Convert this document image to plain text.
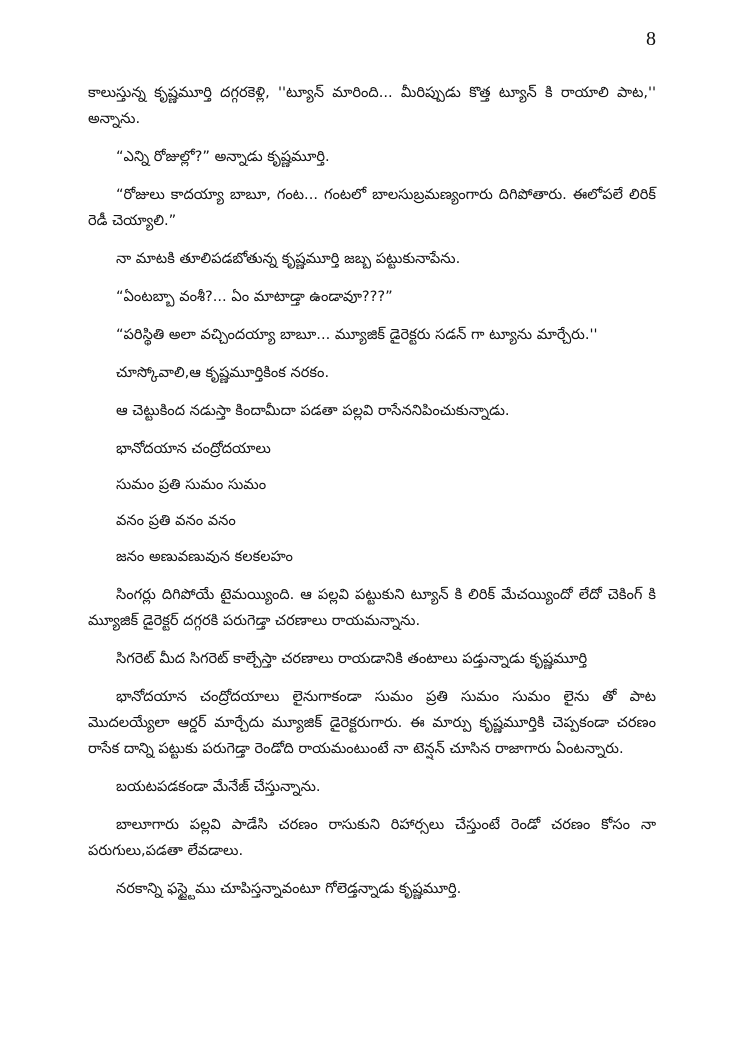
8

కాలుస్తున్న కృష్ణమూర్తి దగ్గరకెళ్లి, ''ట్యూన్ మారింది... మీరిప్పుడు కొత్త ట్యూన్ కి రాయాలి పాట,'' అన్నాను.

“ఎన్ని రోజుల్లో?” అన్నాడు కృష్ణమూర్తి.

“రోజులు కాదయ్యా బాబూ, గంట... గంటలో బాలసుబ్రమణ్యంగారు దిగిపోతారు. ఈలోపలే లిరిక్ రెడీ చెయ్యాలి.”

నా మాటకి తూలిపడబోతున్న కృష్ణమూర్తి జబ్బ పట్టుకునాపేను.

“ఏంటబ్బా వంశీ?... ఏం మాటాడ్తా ఉండావూ???”

“పరిస్థితి అలా వచ్చిందయ్యా బాబూ... మ్యూజిక్ డైరెక్టరు సడన్ గా ట్యూను మార్చేరు.''

చూస్కోవాలి,ఆ కృష్ణమూర్తికింక నరకం.

ఆ చెట్టుకింద నడుస్తా కిందామీదా పడతా పల్లవి రాసేననిపించుకున్నాడు.

భానోదయాన చంద్రోదయాలు

సుమం ప్రతి సుమం సుమం

వనం ప్రతి వనం వనం

జనం అణువణువున కలకలహం

సింగర్లు దిగిపోయే టైమయ్యింది. ఆ పల్లవి పట్టుకుని ట్యూన్ కి లిరిక్ మేచయ్యిందో లేదో చెకింగ్ కి మ్యూజిక్ డైరెక్టర్ దగ్గరకి పరుగెడ్తా చరణాలు రాయమన్నాను.

సిగరెట్ మీద సిగరెట్ కాల్చేస్తా చరణాలు రాయడానికి తంటాలు పడ్తున్నాడు కృష్ణమూర్తి

భానోదయాన చంద్రోదయాలు లైనుగాకండా సుమం ప్రతి సుమం సుమం లైను తో పాట మొదలయ్యేలా ఆర్డర్ మార్చేదు మ్యూజిక్ డైరెక్టరుగారు. ఈ మార్పు కృష్ణమూర్తికి చెప్పకండా చరణం రాసేక దాన్ని పట్టుకు పరుగెడ్తా రెండోది రాయమంటుంటే నా టెన్షన్ చూసిన రాజాగారు ఏంటన్నారు.

బయటపడకండా మేనేజ్ చేస్తున్నాను.

బాలూగారు పల్లవి పాడేసి చరణం రాసుకుని రిహార్సలు చేస్తుంటే రెండో చరణం కోసం నా పరుగులు,పడతా లేవడాలు.

నరకాన్ని ఫస్ట్టైము చూపిస్తన్నావంటూ గోలెడ్తన్నాడు కృష్ణమూర్తి.
